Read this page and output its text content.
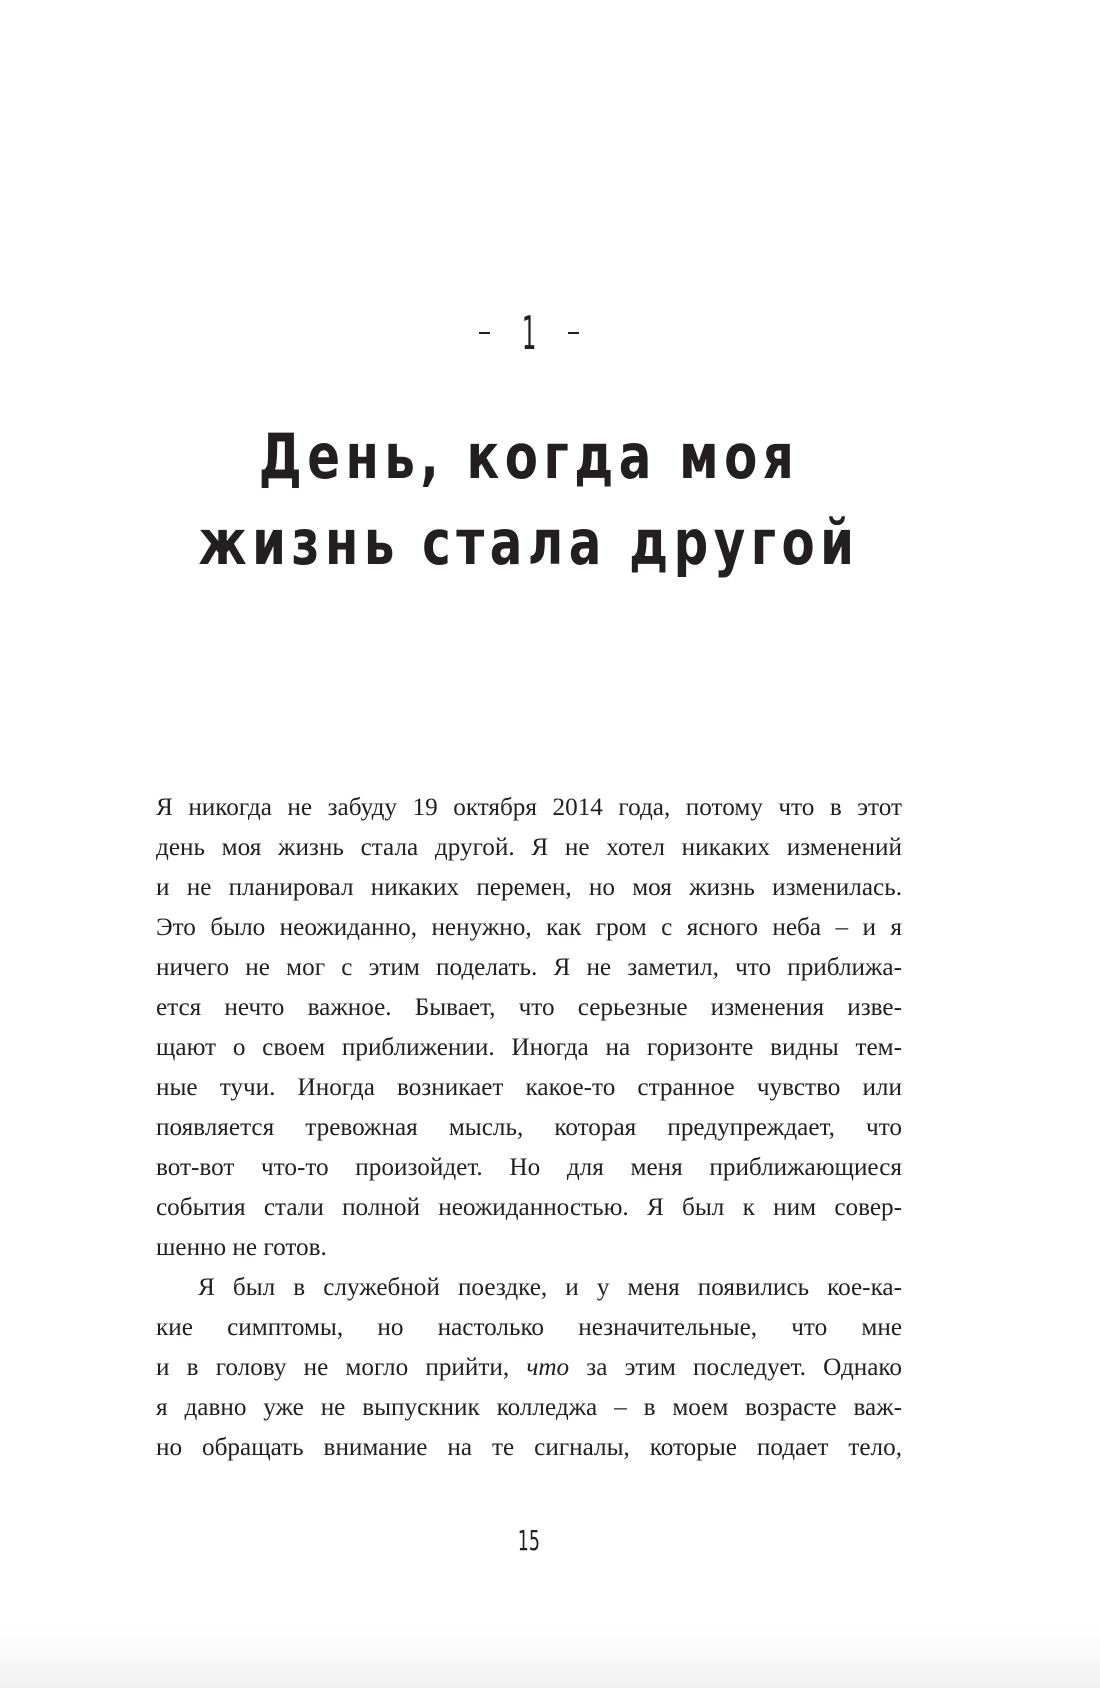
1
День, когда моя
жизнь стала другой

Я никогда не забуду 19 октября 2014 года, потому что в этот
день моя жизнь стала другой. Я не хотел никаких изменений
и не планировал никаких перемен, но моя жизнь изменилась.
Это было неожиданно, ненужно, как гром с ясного неба – и я
ничего не мог с этим поделать. Я не заметил, что приближа-
ется нечто важное. Бывает, что серьезные изменения изве-
щают о своем приближении. Иногда на горизонте видны тем-
ные тучи. Иногда возникает какое-то странное чувство или
появляется тревожная мысль, которая предупреждает, что
вот-вот что-то произойдет. Но для меня приближающиеся
события стали полной неожиданностью. Я был к ним совер-
шенно не готов.

Я был в служебной поездке, и у меня появились кое-ка-
кие симптомы, но настолько незначительные, что мне
и в голову не могло прийти, что за этим последует. Однако
я давно уже не выпускник колледжа – в моем возрасте важ-
но обращать внимание на те сигналы, которые подает тело,

15
